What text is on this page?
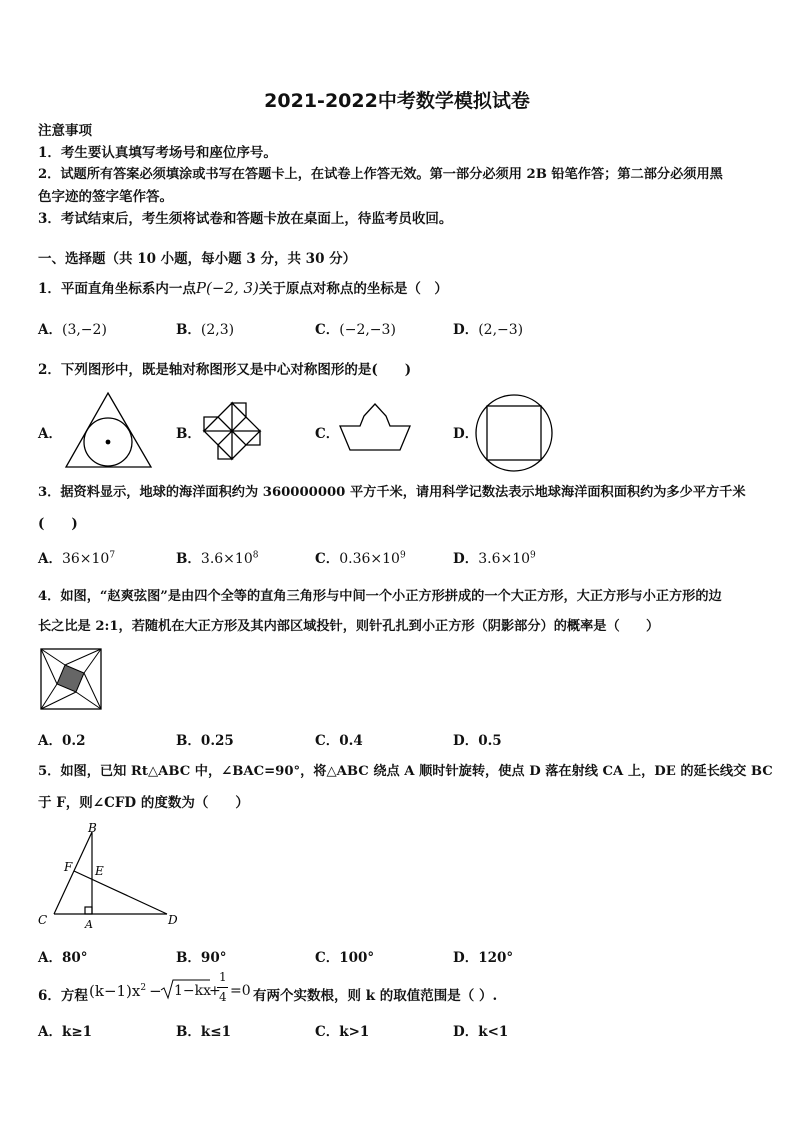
2021-2022中考数学模拟试卷
注意事项
1．考生要认真填写考场号和座位序号。
2．试题所有答案必须填涂或书写在答题卡上，在试卷上作答无效。第一部分必须用 2B 铅笔作答；第二部分必须用黑
色字迹的签字笔作答。
3．考试结束后，考生须将试卷和答题卡放在桌面上，待监考员收回。
一、选择题（共 10 小题，每小题 3 分，共 30 分）
1．平面直角坐标系内一点P(−2, 3)关于原点对称点的坐标是（　）
A．(3,−2)	B．(2,3)	C．(−2,−3)	D．(2,−3)
2．下列图形中，既是轴对称图形又是中心对称图形的是(　　)
A．	B．	C．	D．
3．据资料显示，地球的海洋面积约为 360000000 平方千米，请用科学记数法表示地球海洋面积面积约为多少平方千米
(　　)
A．$36\times 10^7$	B．$3.6\times 10^8$	C．$0.36\times 10^9$	D．$3.6\times 10^9$
4．如图，“赵爽弦图”是由四个全等的直角三角形与中间一个小正方形拼成的一个大正方形，大正方形与小正方形的边
长之比是 2:1，若随机在大正方形及其内部区域投针，则针孔扎到小正方形（阴影部分）的概率是（　　）
A．0.2	B．0.25	C．0.4	D．0.5
5．如图，已知 Rt△ABC 中，∠BAC=90°，将△ABC 绕点 A 顺时针旋转，使点 D 落在射线 CA 上，DE 的延长线交 BC
于 F，则∠CFD 的度数为（　　）
B
F E
C	A	D
A．80°	B．90°	C．100°	D．120°
6．方程 $(k-1)x^2 - 1-kx$
+
1
4 =0 有两个实数根，则 k 的取值范围是（ ）.
A．k≥1	B．k≤1	C．k>1	D．k<1
